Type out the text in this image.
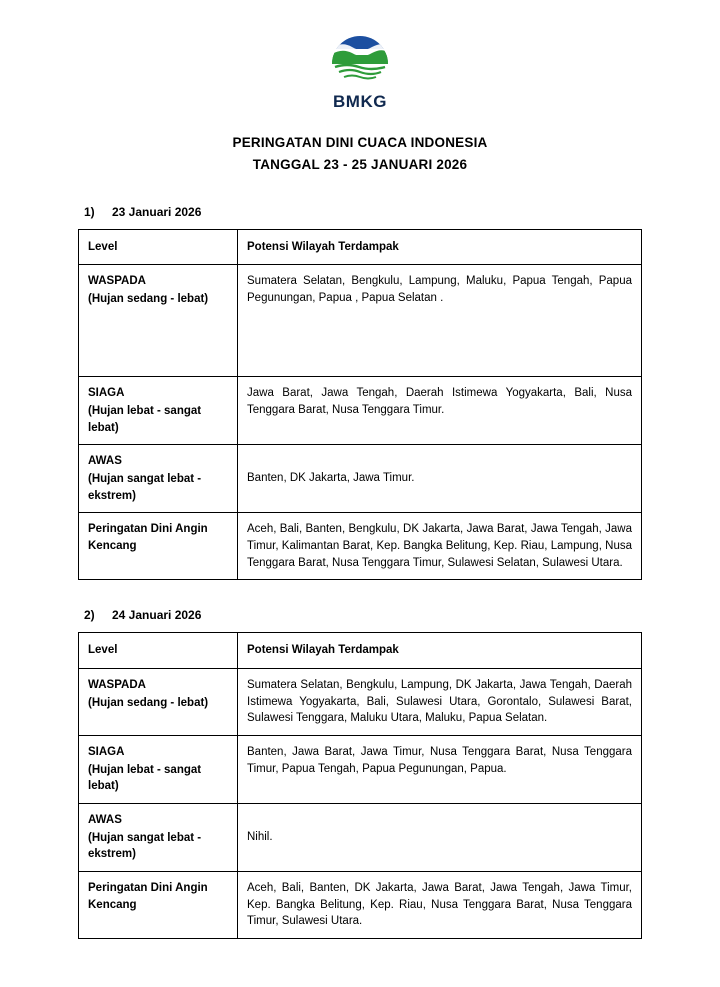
BMKG
PERINGATAN DINI CUACA INDONESIA
TANGGAL 23 - 25 JANUARI 2026
1) 23 Januari 2026
Level	Potensi Wilayah Terdampak
WASPADA
(Hujan sedang - lebat)	Sumatera Selatan, Bengkulu, Lampung, Maluku, Papua Tengah, Papua Pegunungan, Papua , Papua Selatan .
SIAGA
(Hujan lebat - sangat lebat)	Jawa Barat, Jawa Tengah, Daerah Istimewa Yogyakarta, Bali, Nusa Tenggara Barat, Nusa Tenggara Timur.
AWAS
(Hujan sangat lebat - ekstrem)	Banten, DK Jakarta, Jawa Timur.
Peringatan Dini Angin Kencang	Aceh, Bali, Banten, Bengkulu, DK Jakarta, Jawa Barat, Jawa Tengah, Jawa Timur, Kalimantan Barat, Kep. Bangka Belitung, Kep. Riau, Lampung, Nusa Tenggara Barat, Nusa Tenggara Timur, Sulawesi Selatan, Sulawesi Utara.
2) 24 Januari 2026
Level	Potensi Wilayah Terdampak
WASPADA
(Hujan sedang - lebat)	Sumatera Selatan, Bengkulu, Lampung, DK Jakarta, Jawa Tengah, Daerah Istimewa Yogyakarta, Bali, Sulawesi Utara, Gorontalo, Sulawesi Barat, Sulawesi Tenggara, Maluku Utara, Maluku, Papua Selatan.
SIAGA
(Hujan lebat - sangat lebat)	Banten, Jawa Barat, Jawa Timur, Nusa Tenggara Barat, Nusa Tenggara Timur, Papua Tengah, Papua Pegunungan, Papua.
AWAS
(Hujan sangat lebat - ekstrem)	Nihil.
Peringatan Dini Angin Kencang	Aceh, Bali, Banten, DK Jakarta, Jawa Barat, Jawa Tengah, Jawa Timur, Kep. Bangka Belitung, Kep. Riau, Nusa Tenggara Barat, Nusa Tenggara Timur, Sulawesi Utara.
